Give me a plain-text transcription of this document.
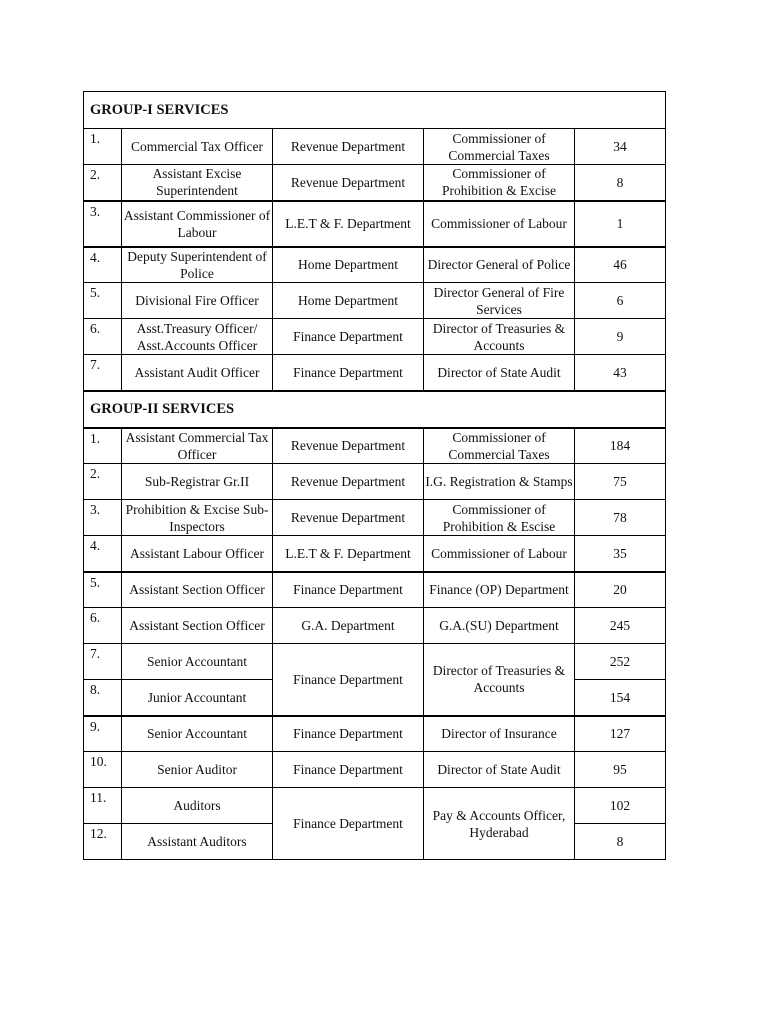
GROUP-I SERVICES				
1.	Commercial Tax Officer	Revenue Department	Commissioner of Commercial Taxes	34
2.	Assistant Excise Superintendent	Revenue Department	Commissioner of Prohibition & Excise	8
3.	Assistant Commissioner of Labour	L.E.T & F. Department	Commissioner of Labour	1
4.	Deputy Superintendent of Police	Home Department	Director General of Police	46
5.	Divisional Fire Officer	Home Department	Director General of Fire Services	6
6.	Asst.Treasury Officer/ Asst.Accounts Officer	Finance Department	Director of Treasuries & Accounts	9
7.	Assistant Audit Officer	Finance Department	Director of State Audit	43
GROUP-II SERVICES				
1.	Assistant Commercial Tax Officer	Revenue Department	Commissioner of Commercial Taxes	184
2.	Sub-Registrar Gr.II	Revenue Department	I.G. Registration & Stamps	75
3.	Prohibition & Excise Sub-Inspectors	Revenue Department	Commissioner of Prohibition & Escise	78
4.	Assistant Labour Officer	L.E.T & F. Department	Commissioner of Labour	35
5.	Assistant Section Officer	Finance Department	Finance (OP) Department	20
6.	Assistant Section Officer	G.A. Department	G.A.(SU) Department	245
7.	Senior Accountant	Finance Department	Director of Treasuries & Accounts	252
8.	Junior Accountant			154
9.	Senior Accountant	Finance Department	Director of Insurance	127
10.	Senior Auditor	Finance Department	Director of State Audit	95
11.	Auditors	Finance Department	Pay & Accounts Officer, Hyderabad	102
12.	Assistant Auditors			8
